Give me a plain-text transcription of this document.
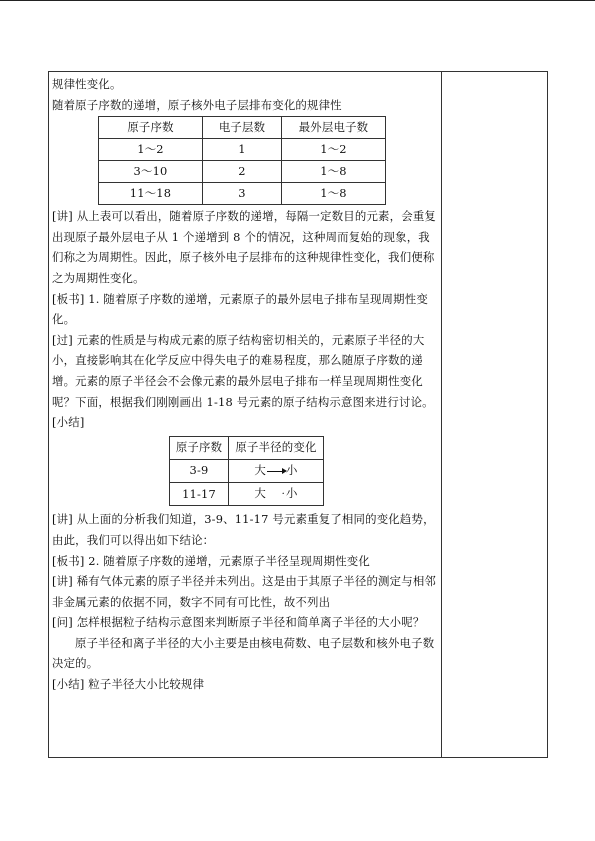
规律性变化。

随着原子序数的递增，原子核外电子层排布变化的规律性

原子序数	电子层数	最外层电子数
1～2	1	1～2
3～10	2	1～8
11～18	3	1～8

[讲] 从上表可以看出，随着原子序数的递增，每隔一定数目的元素，会重复出现原子最外层电子从 1 个递增到 8 个的情况，这种周而复始的现象，我们称之为周期性。因此，原子核外电子层排布的这种规律性变化，我们便称之为周期性变化。

[板书] 1. 随着原子序数的递增，元素原子的最外层电子排布呈现周期性变化。

[过] 元素的性质是与构成元素的原子结构密切相关的，元素原子半径的大小，直接影响其在化学反应中得失电子的难易程度，那么随原子序数的递增。元素的原子半径会不会像元素的最外层电子排布一样呈现周期性变化呢？下面，根据我们刚刚画出 1-18 号元素的原子结构示意图来进行讨论。

[小结]

原子序数	原子半径的变化
3-9	大 小
11-17	大 ·小

[讲] 从上面的分析我们知道，3-9、11-17 号元素重复了相同的变化趋势，由此，我们可以得出如下结论：

[板书] 2. 随着原子序数的递增，元素原子半径呈现周期性变化

[讲] 稀有气体元素的原子半径并未列出。这是由于其原子半径的测定与相邻非金属元素的依据不同，数字不同有可比性，故不列出

[问] 怎样根据粒子结构示意图来判断原子半径和简单离子半径的大小呢？

原子半径和离子半径的大小主要是由核电荷数、电子层数和核外电子数决定的。

[小结] 粒子半径大小比较规律
